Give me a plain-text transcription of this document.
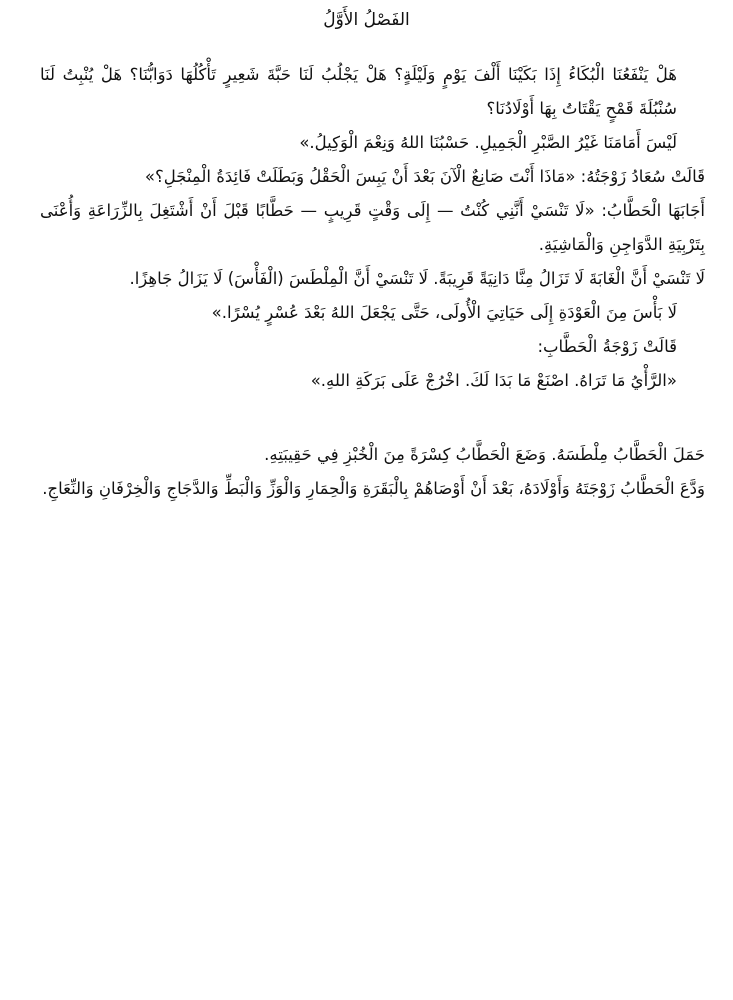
الفَصْلُ الأَوَّلُ

هَلْ يَنْفَعُنَا الْبُكَاءُ إِذَا بَكَيْنَا أَلْفَ يَوْمٍ وَلَيْلَةٍ؟ هَلْ يَجْلُبُ لَنَا حَبَّةَ شَعِيرٍ تَأْكُلُهَا دَوَابُّنَا؟ هَلْ يُنْبِتُ لَنَا سُنْبُلَةَ قَمْحٍ يَقْتَاتُ بِهَا أَوْلَادُنَا؟

لَيْسَ أَمَامَنَا غَيْرُ الصَّبْرِ الْجَمِيلِ. حَسْبُنَا اللهُ وَنِعْمَ الْوَكِيلُ.»

قَالَتْ سُعَادُ زَوْجَتُهُ: «مَاذَا أَنْتَ صَانِعٌ الْآنَ بَعْدَ أَنْ يَبِسَ الْحَقْلُ وَبَطَلَتْ فَائِدَةُ الْمِنْجَلِ؟»

أَجَابَهَا الْحَطَّابُ: «لَا تَنْسَيْ أَنَّنِي كُنْتُ — إِلَى وَقْتٍ قَرِيبٍ — حَطَّابًا قَبْلَ أَنْ أَشْتَغِلَ بِالزِّرَاعَةِ وَأُعْنَى بِتَرْبِيَةِ الدَّوَاجِنِ وَالْمَاشِيَةِ.

لَا تَنْسَيْ أَنَّ الْغَابَةَ لَا تَزَالُ مِنَّا دَانِيَةً قَرِيبَةً. لَا تَنْسَيْ أَنَّ الْمِلْطَسَ (الْفَأْسَ) لَا يَزَالُ جَاهِزًا.

لَا بَأْسَ مِنَ الْعَوْدَةِ إِلَى حَيَاتِيَ الْأُولَى، حَتَّى يَجْعَلَ اللهُ بَعْدَ عُسْرٍ يُسْرًا.»

قَالَتْ زَوْجَةُ الْحَطَّابِ:

«الرَّأْيُ مَا تَرَاهُ. اصْنَعْ مَا بَدَا لَكَ. اخْرُجْ عَلَى بَرَكَةِ اللهِ.»

حَمَلَ الْحَطَّابُ مِلْطَسَهُ. وَضَعَ الْحَطَّابُ كِسْرَةً مِنَ الْخُبْزِ فِي حَقِيبَتِهِ.

وَدَّعَ الْحَطَّابُ زَوْجَتَهُ وَأَوْلَادَهُ، بَعْدَ أَنْ أَوْصَاهُمْ بِالْبَقَرَةِ وَالْحِمَارِ وَالْوَزِّ وَالْبَطِّ وَالدَّجَاجِ وَالْخِرْفَانِ وَالنِّعَاجِ.
